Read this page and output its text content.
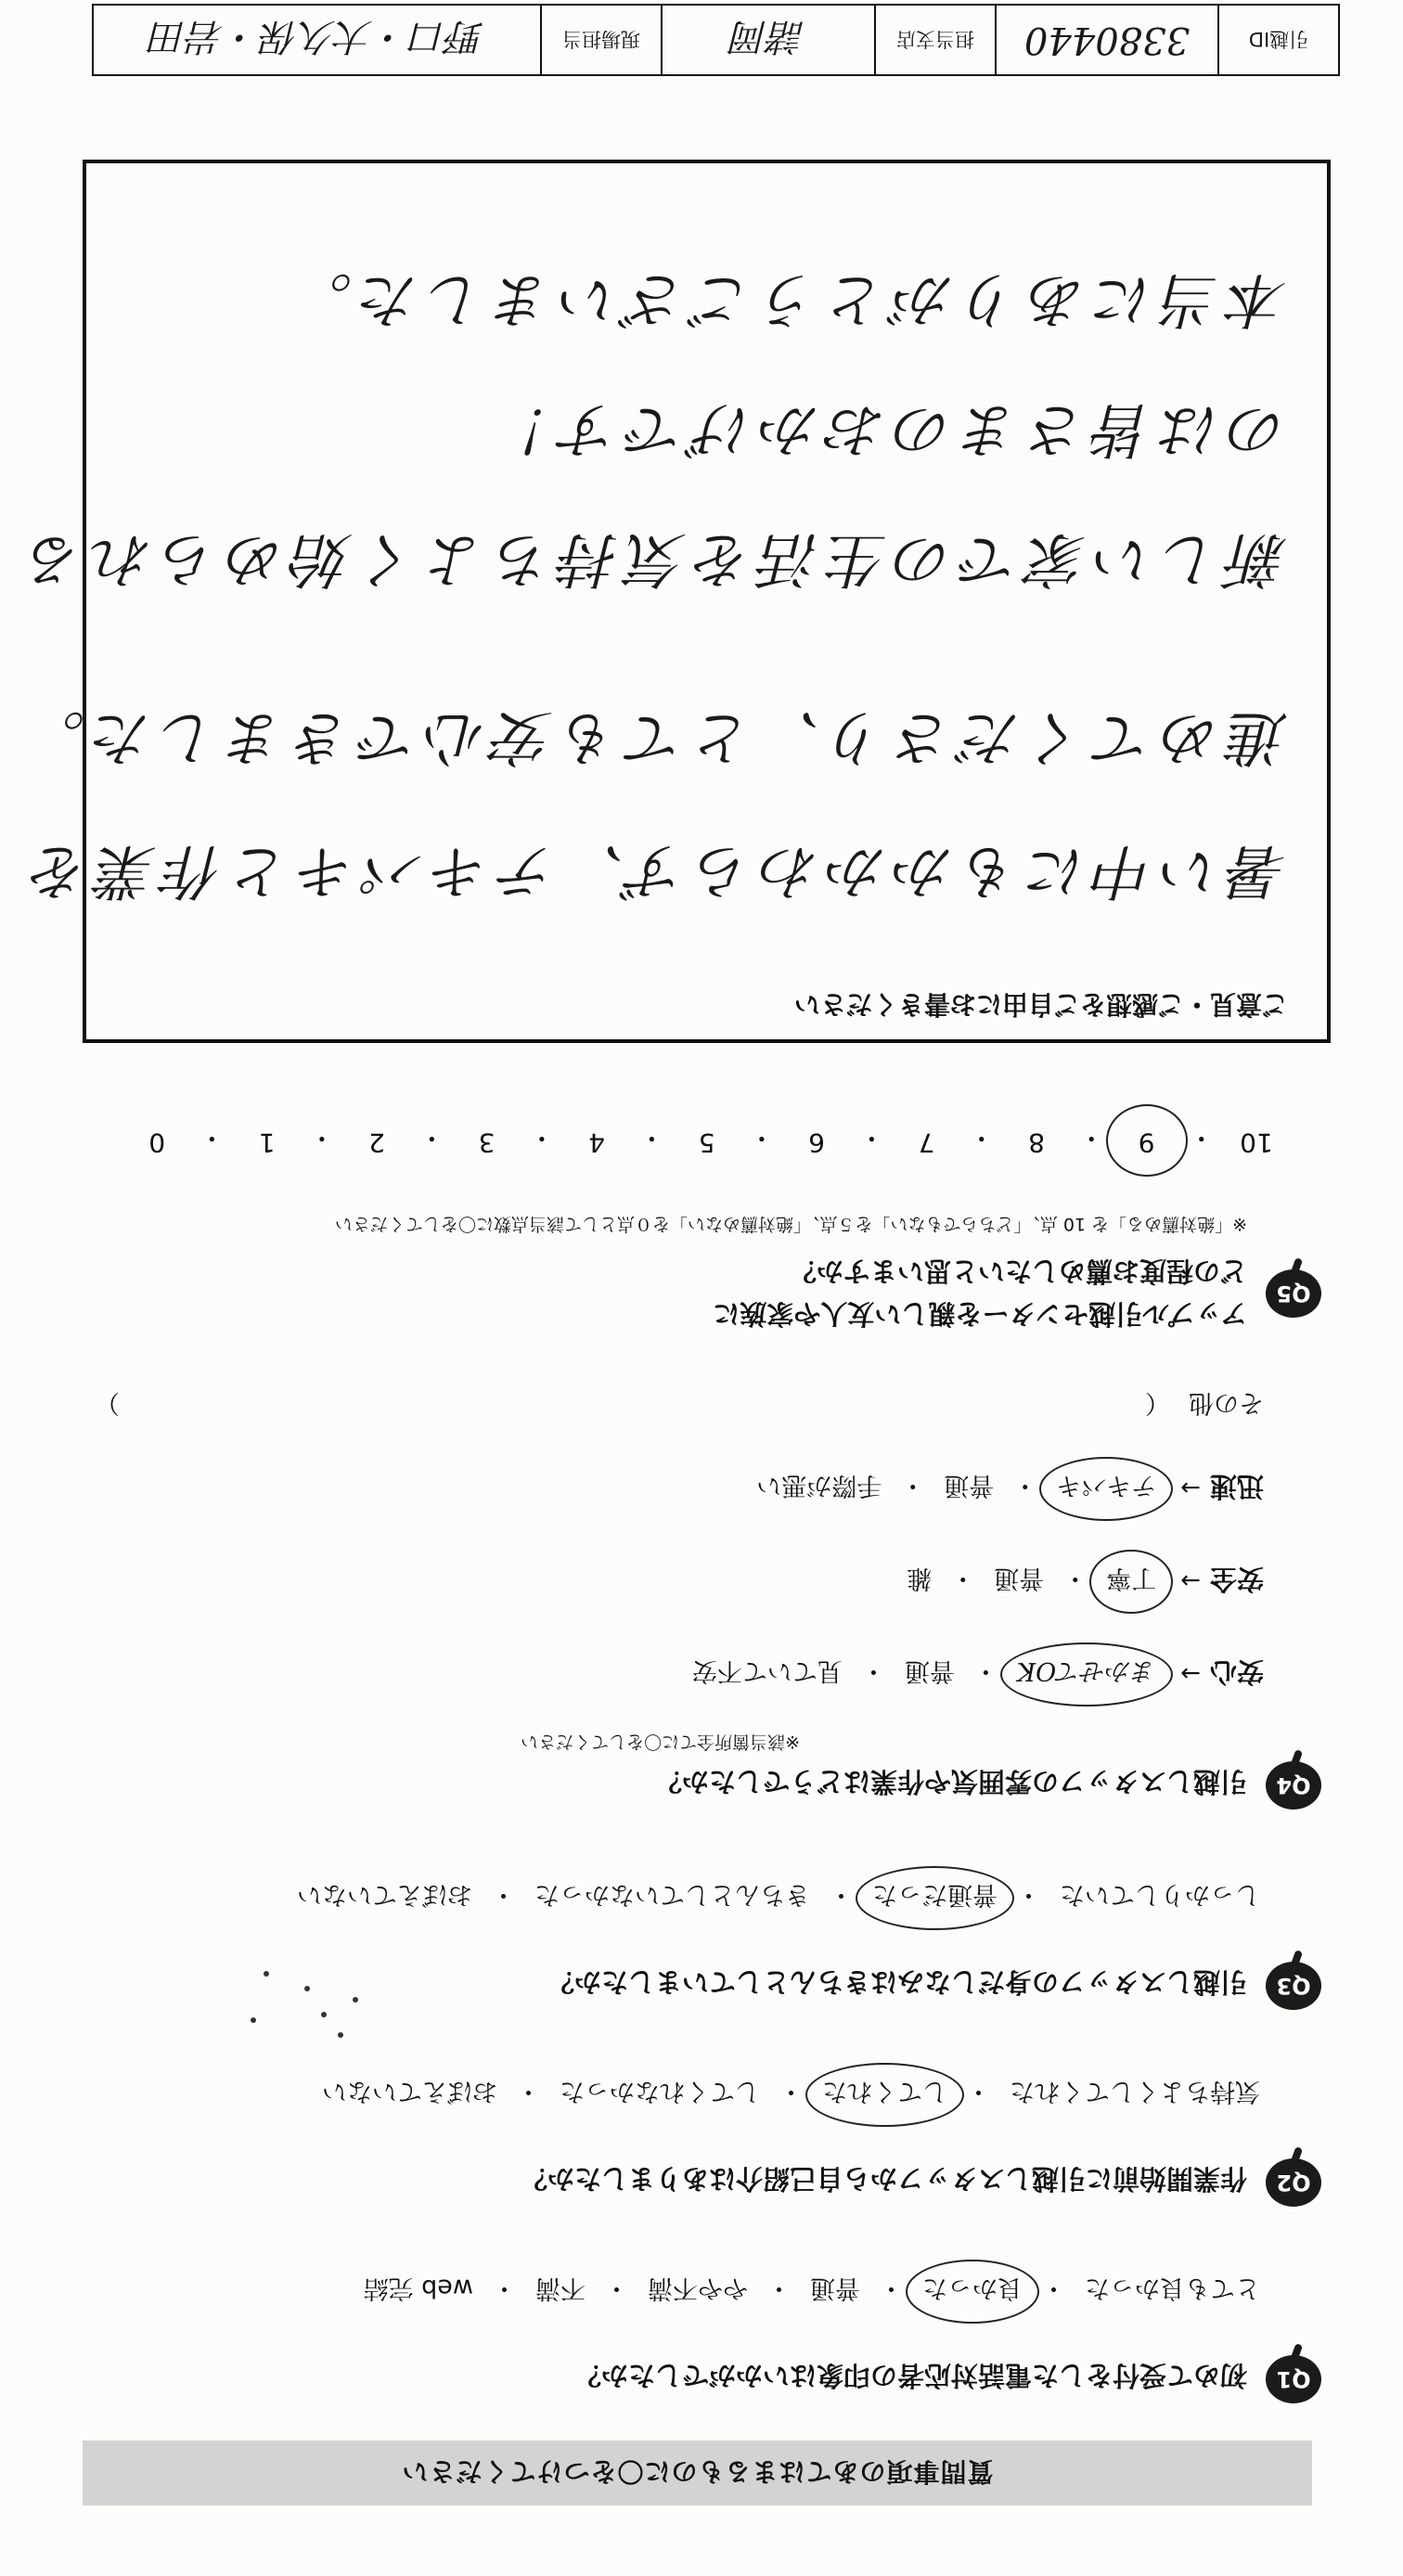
質問事項のあてはまるものに〇をつけてください
Q1
初めて受付をした電話対応者の印象はいかがでしたか？
とても良かった
・
良かった
・
普通
・
やや不満
・
不満
・
web 完結
Q2
作業開始前に引越しスタッフから自己紹介はありましたか？
気持ちよくしてくれた
・
してくれた
・
してくれなかった
・
おぼえていない
Q3
引越しスタッフの身だしなみはきちんとしていましたか？
しっかりしていた
・
普通だった
・
きちんとしていなかった
・
おぼえていない
Q4
引越しスタッフの雰囲気や作業はどうでしたか？
※該当箇所全てに〇をしてください
安心
→
まかせてOK
・
普通
・
見ていて不安
安全
→
丁寧
・
普通
・
雑
迅速
→
テキパキ
・
普通
・
手際が悪い
その他
（
）
Q5
アップル引越センターを親しい友人や家族に
どの程度お薦めしたいと思いますか？
※「絶対薦める」を 10 点、「どちらでもない」を５点、「絶対薦めない」を０点として該当点数に〇をしてください
10
・
9
・
8
・
7
・
6
・
5
・
4
・
3
・
2
・
1
・
0
ご意見・ご感想をご自由にお書きください
暑い中にもかかわらず、テキパキと作業を
進めてくださり、とても安心できました。
新しい家での生活を気持ちよく始められる
のは皆さまのおかげです！
本当にありがとうございました。
引越ID
3380440
担当支店
諸岡
現場担当
野口・大久保・岩田
